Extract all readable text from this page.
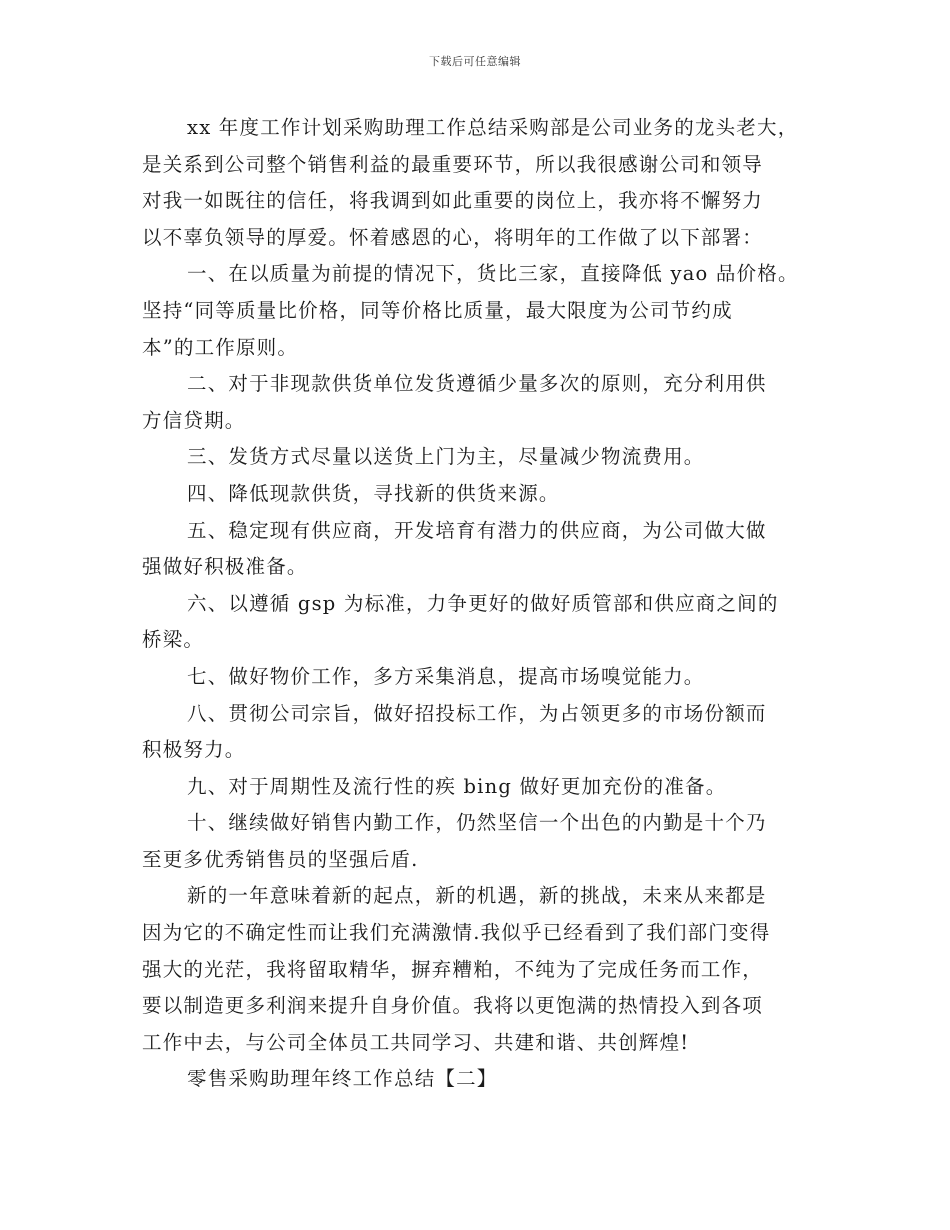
下载后可任意编辑

xx 年度工作计划采购助理工作总结采购部是公司业务的龙头老大，
是关系到公司整个销售利益的最重要环节，所以我很感谢公司和领导
对我一如既往的信任，将我调到如此重要的岗位上，我亦将不懈努力
以不辜负领导的厚爱。怀着感恩的心，将明年的工作做了以下部署：

一、在以质量为前提的情况下，货比三家，直接降低 yao 品价格。
坚持“同等质量比价格，同等价格比质量，最大限度为公司节约成
本”的工作原则。

二、对于非现款供货单位发货遵循少量多次的原则，充分利用供
方信贷期。

三、发货方式尽量以送货上门为主，尽量减少物流费用。

四、降低现款供货，寻找新的供货来源。

五、稳定现有供应商，开发培育有潜力的供应商，为公司做大做
强做好积极准备。

六、以遵循 gsp 为标准，力争更好的做好质管部和供应商之间的
桥梁。

七、做好物价工作，多方采集消息，提高市场嗅觉能力。

八、贯彻公司宗旨，做好招投标工作，为占领更多的市场份额而
积极努力。

九、对于周期性及流行性的疾 bing 做好更加充份的准备。

十、继续做好销售内勤工作，仍然坚信一个出色的内勤是十个乃
至更多优秀销售员的坚强后盾.

新的一年意味着新的起点，新的机遇，新的挑战，未来从来都是
因为它的不确定性而让我们充满激情.我似乎已经看到了我们部门变得
强大的光茫，我将留取精华，摒弃糟粕，不纯为了完成任务而工作，
要以制造更多利润来提升自身价值。我将以更饱满的热情投入到各项
工作中去，与公司全体员工共同学习、共建和谐、共创辉煌!

零售采购助理年终工作总结【二】
